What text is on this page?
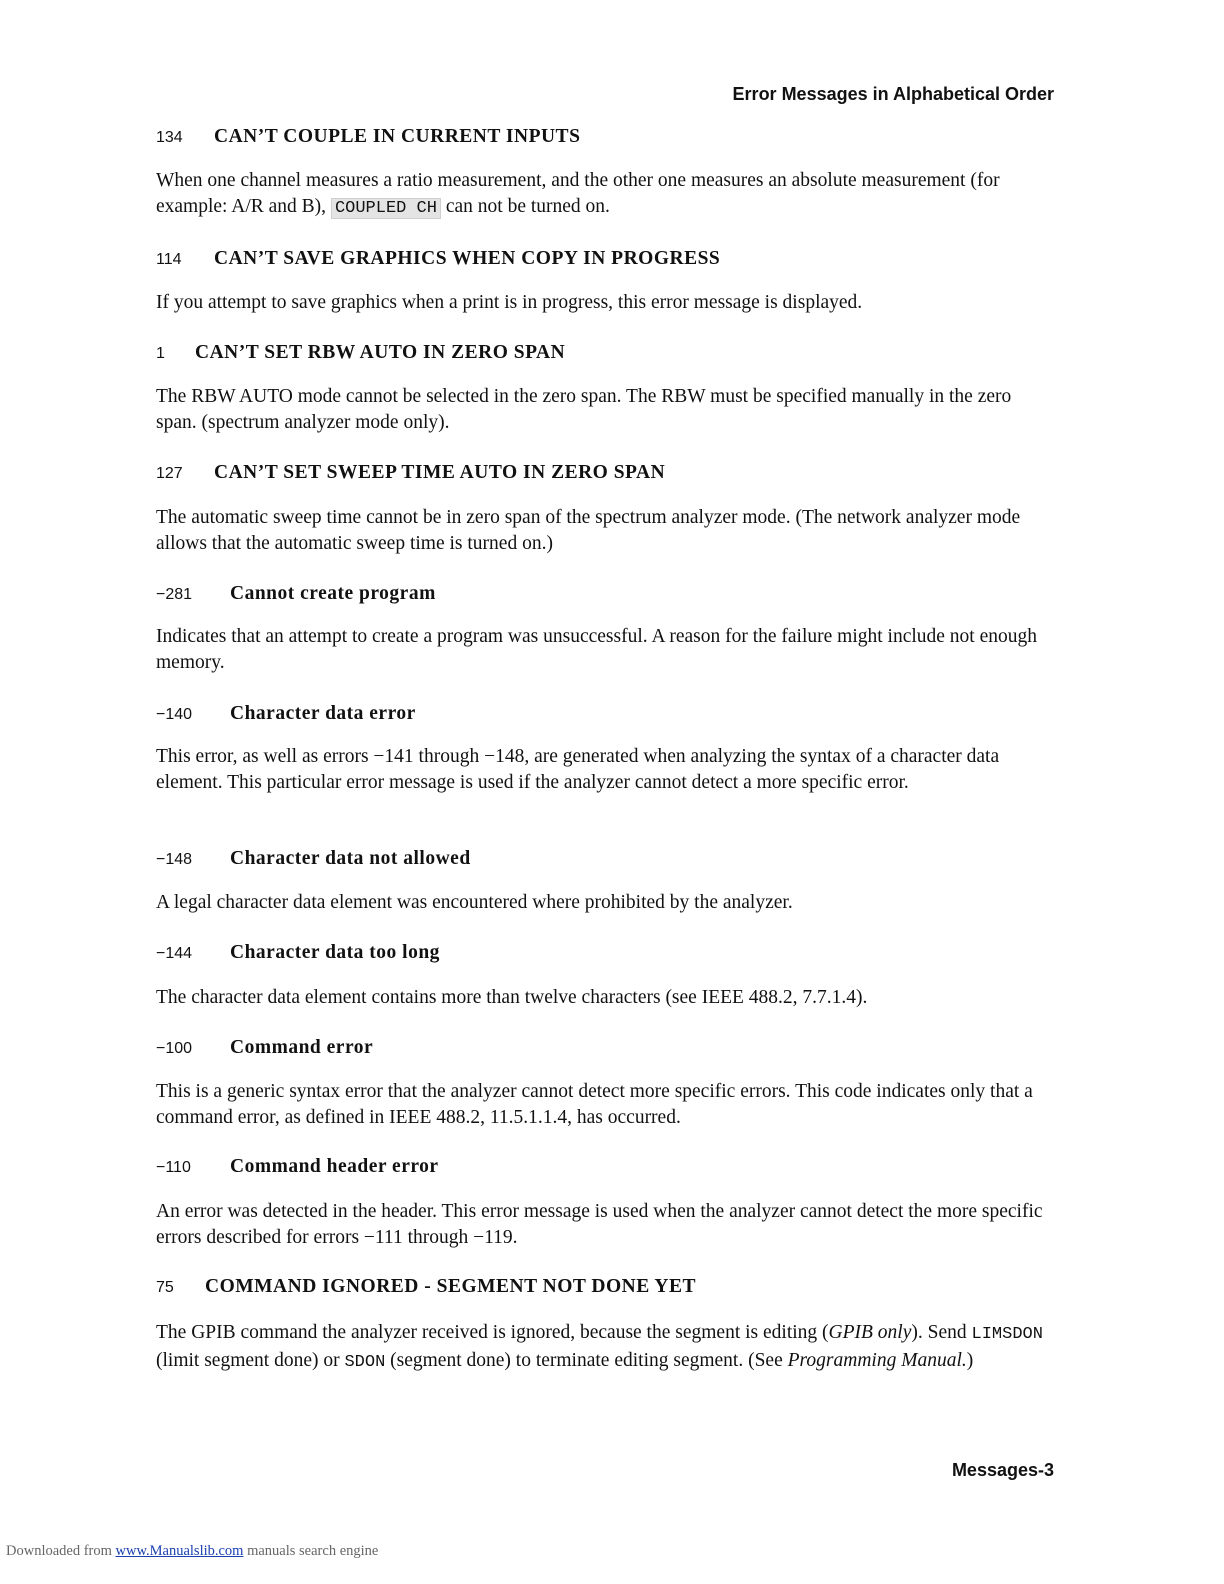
Error Messages in Alphabetical Order
134 CAN’T COUPLE IN CURRENT INPUTS
When one channel measures a ratio measurement, and the other one measures an absolute measurement (for example: A/R and B), COUPLED CH can not be turned on.
114 CAN’T SAVE GRAPHICS WHEN COPY IN PROGRESS
If you attempt to save graphics when a print is in progress, this error message is displayed.
1 CAN’T SET RBW AUTO IN ZERO SPAN
The RBW AUTO mode cannot be selected in the zero span. The RBW must be specified manually in the zero span. (spectrum analyzer mode only).
127 CAN’T SET SWEEP TIME AUTO IN ZERO SPAN
The automatic sweep time cannot be in zero span of the spectrum analyzer mode. (The network analyzer mode allows that the automatic sweep time is turned on.)
−281 Cannot create program
Indicates that an attempt to create a program was unsuccessful. A reason for the failure might include not enough memory.
−140 Character data error
This error, as well as errors −141 through −148, are generated when analyzing the syntax of a character data element. This particular error message is used if the analyzer cannot detect a more specific error.
−148 Character data not allowed
A legal character data element was encountered where prohibited by the analyzer.
−144 Character data too long
The character data element contains more than twelve characters (see IEEE 488.2, 7.7.1.4).
−100 Command error
This is a generic syntax error that the analyzer cannot detect more specific errors. This code indicates only that a command error, as defined in IEEE 488.2, 11.5.1.1.4, has occurred.
−110 Command header error
An error was detected in the header. This error message is used when the analyzer cannot detect the more specific errors described for errors −111 through −119.
75 COMMAND IGNORED - SEGMENT NOT DONE YET
The GPIB command the analyzer received is ignored, because the segment is editing (GPIB only). Send LIMSDON (limit segment done) or SDON (segment done) to terminate editing segment. (See Programming Manual.)
Messages-3
Downloaded from www.Manualslib.com manuals search engine
